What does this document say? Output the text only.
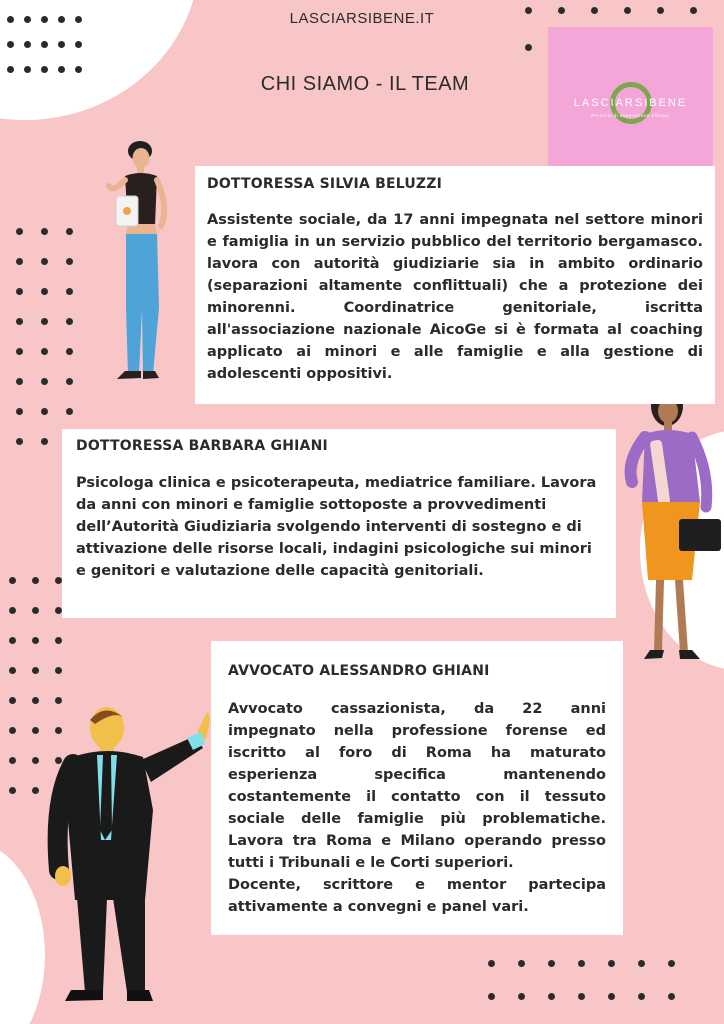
LASCIARSIBENE.IT
CHI SIAMO - IL TEAM
LASCIARSIBENE
Percorsi di separazione efficaci
DOTTORESSA SILVIA BELUZZI

Assistente sociale, da 17 anni impegnata nel settore minori e famiglia in un servizio pubblico del territorio bergamasco. lavora con autorità giudiziarie sia in ambito ordinario (separazioni altamente conflittuali) che a protezione dei minorenni. Coordinatrice genitoriale, iscritta all'associazione nazionale AicoGe si è formata al coaching applicato ai minori e alle famiglie e alla gestione di adolescenti oppositivi.

DOTTORESSA BARBARA GHIANI

Psicologa clinica e psicoterapeuta, mediatrice familiare. Lavora da anni con minori e famiglie sottoposte a provvedimenti dell’Autorità Giudiziaria svolgendo interventi di sostegno e di attivazione delle risorse locali, indagini psicologiche sui minori e genitori e valutazione delle capacità genitoriali.

AVVOCATO ALESSANDRO GHIANI

Avvocato cassazionista, da 22 anni impegnato nella professione forense ed iscritto al foro di Roma ha maturato esperienza specifica mantenendo costantemente il contatto con il tessuto sociale delle famiglie più problematiche. Lavora tra Roma e Milano operando presso tutti i Tribunali e le Corti superiori.

Docente, scrittore e mentor partecipa attivamente a convegni e panel vari.
